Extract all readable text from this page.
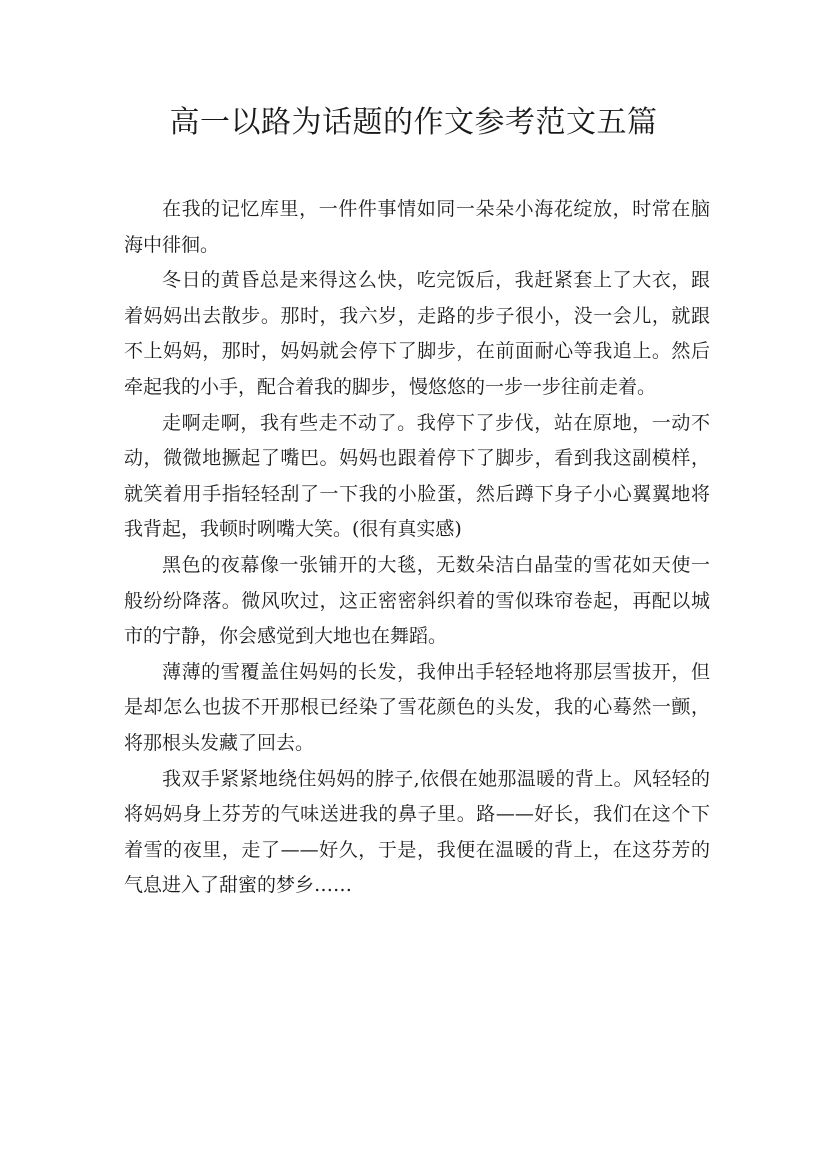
高一以路为话题的作文参考范文五篇

在我的记忆库里，一件件事情如同一朵朵小海花绽放，时常在脑海中徘徊。

冬日的黄昏总是来得这么快，吃完饭后，我赶紧套上了大衣，跟着妈妈出去散步。那时，我六岁，走路的步子很小，没一会儿，就跟不上妈妈，那时，妈妈就会停下了脚步，在前面耐心等我追上。然后牵起我的小手，配合着我的脚步，慢悠悠的一步一步往前走着。

走啊走啊，我有些走不动了。我停下了步伐，站在原地，一动不动，微微地撅起了嘴巴。妈妈也跟着停下了脚步，看到我这副模样，就笑着用手指轻轻刮了一下我的小脸蛋，然后蹲下身子小心翼翼地将我背起，我顿时咧嘴大笑。(很有真实感)

黑色的夜幕像一张铺开的大毯，无数朵洁白晶莹的雪花如天使一般纷纷降落。微风吹过，这正密密斜织着的雪似珠帘卷起，再配以城市的宁静，你会感觉到大地也在舞蹈。

薄薄的雪覆盖住妈妈的长发，我伸出手轻轻地将那层雪拔开，但是却怎么也拔不开那根已经染了雪花颜色的头发，我的心蓦然一颤，将那根头发藏了回去。

我双手紧紧地绕住妈妈的脖子,依偎在她那温暖的背上。风轻轻的将妈妈身上芬芳的气味送进我的鼻子里。路——好长，我们在这个下着雪的夜里，走了——好久，于是，我便在温暖的背上，在这芬芳的气息进入了甜蜜的梦乡……
